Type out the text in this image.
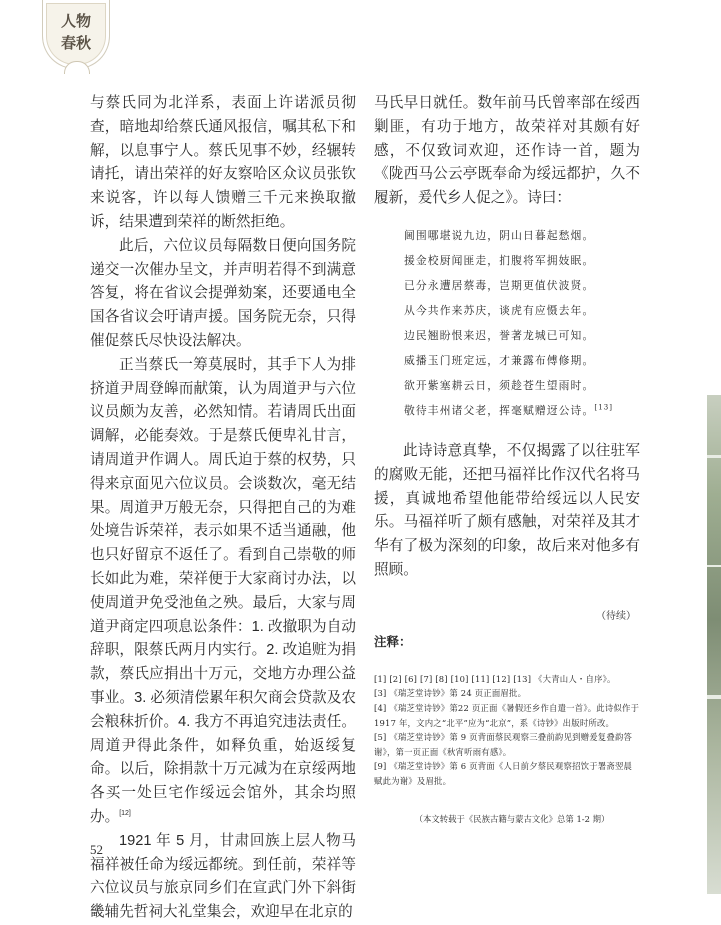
人物
春秋

与蔡氏同为北洋系，表面上许诺派员彻查，暗地却给蔡氏通风报信，嘱其私下和解，以息事宁人。蔡氏见事不妙，经辗转请托，请出荣祥的好友察哈区众议员张钦来说客，许以每人馈赠三千元来换取撤诉，结果遭到荣祥的断然拒绝。

此后，六位议员每隔数日便向国务院递交一次催办呈文，并声明若得不到满意答复，将在省议会提弹劾案，还要通电全国各省议会吁请声援。国务院无奈，只得催促蔡氏尽快设法解决。

正当蔡氏一筹莫展时，其手下人为排挤道尹周登皞而献策，认为周道尹与六位议员颇为友善，必然知情。若请周氏出面调解，必能奏效。于是蔡氏便卑礼甘言，请周道尹作调人。周氏迫于蔡的权势，只得来京面见六位议员。会谈数次，毫无结果。周道尹万般无奈，只得把自己的为难处境告诉荣祥，表示如果不适当通融，他也只好留京不返任了。看到自己崇敬的师长如此为难，荣祥便于大家商讨办法，以使周道尹免受池鱼之殃。最后，大家与周道尹商定四项息讼条件：1. 改撤职为自动辞职，限蔡氏两月内实行。2. 改追赃为捐款，蔡氏应捐出十万元，交地方办理公益事业。3. 必须清偿累年积欠商会贷款及农会粮秣折价。4. 我方不再追究违法责任。周道尹得此条件，如释负重，始返绥复命。以后，除捐款十万元减为在京绥两地各买一处巨宅作绥远会馆外，其余均照办。[12]

1921 年 5 月，甘肃回族上层人物马福祥被任命为绥远都统。到任前，荣祥等六位议员与旅京同乡们在宣武门外下斜街畿辅先哲祠大礼堂集会，欢迎早在北京的

马氏早日就任。数年前马氏曾率部在绥西剿匪，有功于地方，故荣祥对其颇有好感，不仅致词欢迎，还作诗一首，题为《陇西马公云亭既奉命为绥远都护，久不履新，爰代乡人促之》。诗曰：

阃围哪堪说九边，阴山日暮起愁烟。
援金校厨闻匪走，扪腹将军拥妓眠。
已分永遭居蔡毒，岂期更值伏波贤。
从今共作来苏庆，谈虎有应慑去年。
边民翘盼恨来迟，誉著龙城已可知。
威播玉门班定远，才兼露布傅修期。
欲开紫塞耕云日，须趁苍生望雨时。
敬待丰州诸父老，挥毫赋赠迓公诗。[13]

此诗诗意真挚，不仅揭露了以往驻军的腐败无能，还把马福祥比作汉代名将马援，真诚地希望他能带给绥远以人民安乐。马福祥听了颇有感触，对荣祥及其才华有了极为深刻的印象，故后来对他多有照顾。

（待续）
注释：
[1] [2] [6] [7] [8] [10] [11] [12] [13] 《大青山人・自序》。
[3] 《瑞芝堂诗钞》第 24 页正面眉批。
[4] 《瑞芝堂诗钞》第22 页正面《暑假还乡作自遣一首》。此诗似作于1917 年，文内之“北平”应为“北京”，系《诗钞》出版时所改。
[5] 《瑞芝堂诗钞》第 9 页背面蔡民观察三叠前韵见到赠爰复叠韵答谢》，第一页正面《秋宵听雨有感》。
[9] 《瑞芝堂诗钞》第 6 页背面《人日前夕蔡民观察招饮于署斋翌晨赋此为谢》及眉批。
（本文转载于《民族古籍与蒙古文化》总第 1-2 期）
52
